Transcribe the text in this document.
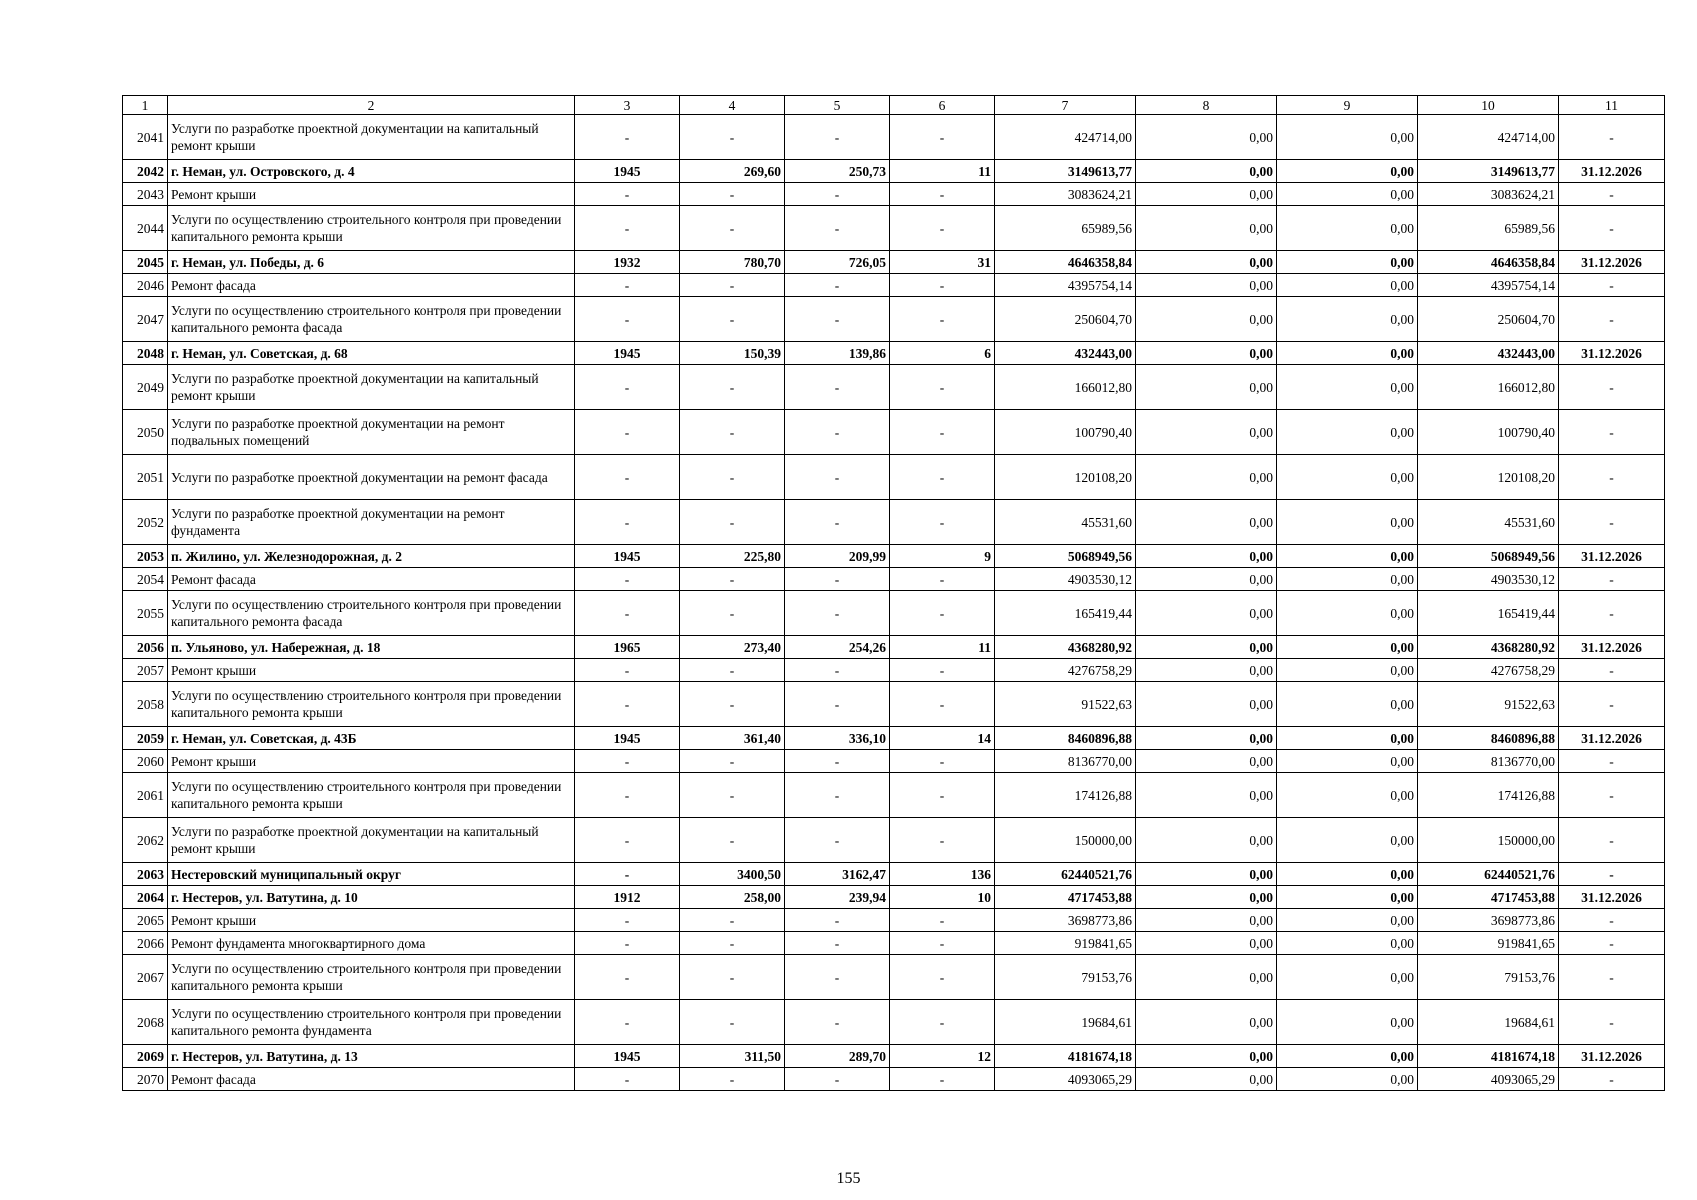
1	2	3	4	5	6	7	8	9	10	11
2041	Услуги по разработке проектной документации на капитальный ремонт крыши	-	-	-	-	424714,00	0,00	0,00	424714,00	-
2042	г. Неман, ул. Островского, д. 4	1945	269,60	250,73	11	3149613,77	0,00	0,00	3149613,77	31.12.2026
2043	Ремонт крыши	-	-	-	-	3083624,21	0,00	0,00	3083624,21	-
2044	Услуги по осуществлению строительного контроля при проведении капитального ремонта крыши	-	-	-	-	65989,56	0,00	0,00	65989,56	-
2045	г. Неман, ул. Победы, д. 6	1932	780,70	726,05	31	4646358,84	0,00	0,00	4646358,84	31.12.2026
2046	Ремонт фасада	-	-	-	-	4395754,14	0,00	0,00	4395754,14	-
2047	Услуги по осуществлению строительного контроля при проведении капитального ремонта фасада	-	-	-	-	250604,70	0,00	0,00	250604,70	-
2048	г. Неман, ул. Советская, д. 68	1945	150,39	139,86	6	432443,00	0,00	0,00	432443,00	31.12.2026
2049	Услуги по разработке проектной документации на капитальный ремонт крыши	-	-	-	-	166012,80	0,00	0,00	166012,80	-
2050	Услуги по разработке проектной документации на ремонт подвальных помещений	-	-	-	-	100790,40	0,00	0,00	100790,40	-
2051	Услуги по разработке проектной документации на ремонт фасада	-	-	-	-	120108,20	0,00	0,00	120108,20	-
2052	Услуги по разработке проектной документации на ремонт фундамента	-	-	-	-	45531,60	0,00	0,00	45531,60	-
2053	п. Жилино, ул. Железнодорожная, д. 2	1945	225,80	209,99	9	5068949,56	0,00	0,00	5068949,56	31.12.2026
2054	Ремонт фасада	-	-	-	-	4903530,12	0,00	0,00	4903530,12	-
2055	Услуги по осуществлению строительного контроля при проведении капитального ремонта фасада	-	-	-	-	165419,44	0,00	0,00	165419,44	-
2056	п. Ульяново, ул. Набережная, д. 18	1965	273,40	254,26	11	4368280,92	0,00	0,00	4368280,92	31.12.2026
2057	Ремонт крыши	-	-	-	-	4276758,29	0,00	0,00	4276758,29	-
2058	Услуги по осуществлению строительного контроля при проведении капитального ремонта крыши	-	-	-	-	91522,63	0,00	0,00	91522,63	-
2059	г. Неман, ул. Советская, д. 43Б	1945	361,40	336,10	14	8460896,88	0,00	0,00	8460896,88	31.12.2026
2060	Ремонт крыши	-	-	-	-	8136770,00	0,00	0,00	8136770,00	-
2061	Услуги по осуществлению строительного контроля при проведении капитального ремонта крыши	-	-	-	-	174126,88	0,00	0,00	174126,88	-
2062	Услуги по разработке проектной документации на капитальный ремонт крыши	-	-	-	-	150000,00	0,00	0,00	150000,00	-
2063	Нестеровский муниципальный округ	-	3400,50	3162,47	136	62440521,76	0,00	0,00	62440521,76	-
2064	г. Нестеров, ул. Ватутина, д. 10	1912	258,00	239,94	10	4717453,88	0,00	0,00	4717453,88	31.12.2026
2065	Ремонт крыши	-	-	-	-	3698773,86	0,00	0,00	3698773,86	-
2066	Ремонт фундамента многоквартирного дома	-	-	-	-	919841,65	0,00	0,00	919841,65	-
2067	Услуги по осуществлению строительного контроля при проведении капитального ремонта крыши	-	-	-	-	79153,76	0,00	0,00	79153,76	-
2068	Услуги по осуществлению строительного контроля при проведении капитального ремонта фундамента	-	-	-	-	19684,61	0,00	0,00	19684,61	-
2069	г. Нестеров, ул. Ватутина, д. 13	1945	311,50	289,70	12	4181674,18	0,00	0,00	4181674,18	31.12.2026
2070	Ремонт фасада	-	-	-	-	4093065,29	0,00	0,00	4093065,29	-
155
